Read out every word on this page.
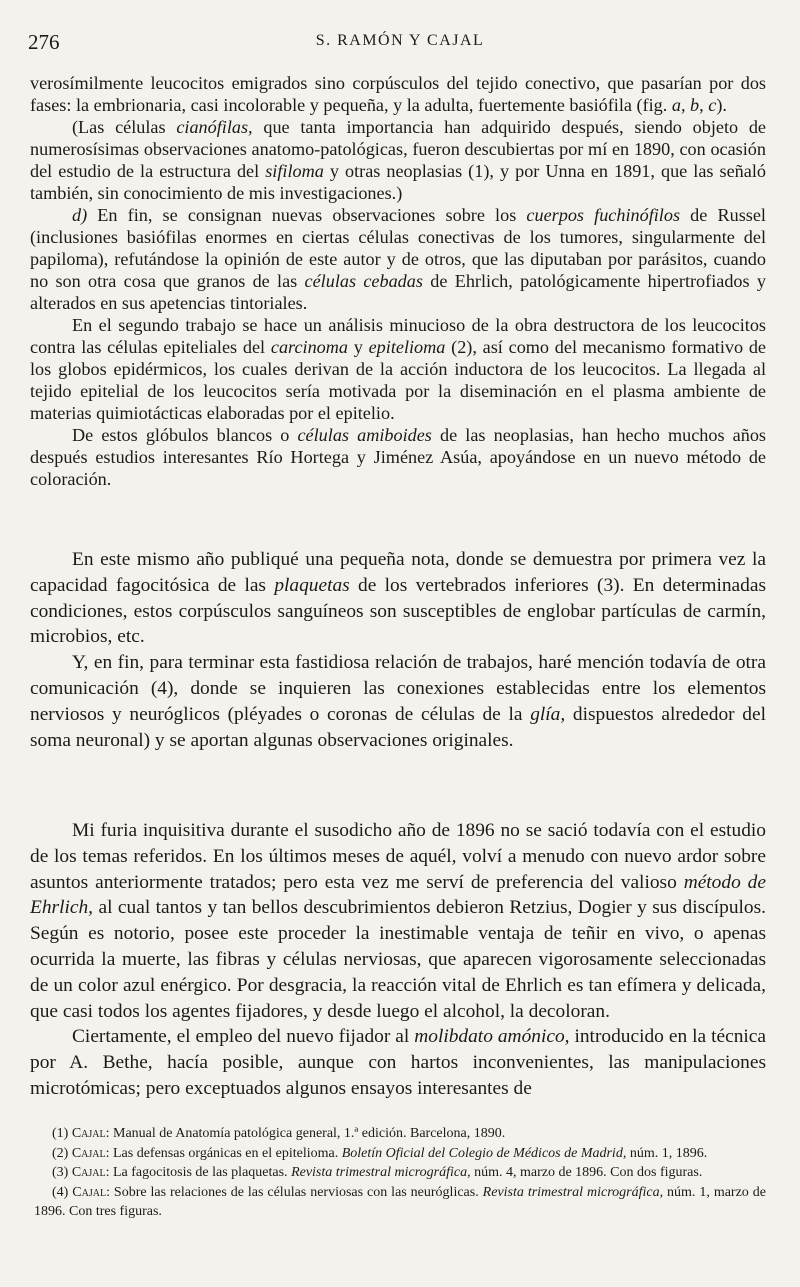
276	S. RAMÓN Y CAJAL

verosímilmente leucocitos emigrados sino corpúsculos del tejido conectivo, que pasarían por dos fases: la embrionaria, casi incolorable y pequeña, y la adulta, fuertemente basiófila (fig. a, b, c).

(Las células cianófilas, que tanta importancia han adquirido después, siendo objeto de numerosísimas observaciones anatomo-patológicas, fueron descubiertas por mí en 1890, con ocasión del estudio de la estructura del sifiloma y otras neoplasias (1), y por Unna en 1891, que las señaló también, sin conocimiento de mis investigaciones.)

d) En fin, se consignan nuevas observaciones sobre los cuerpos fuchinófilos de Russel (inclusiones basiófilas enormes en ciertas células conectivas de los tumores, singularmente del papiloma), refutándose la opinión de este autor y de otros, que las diputaban por parásitos, cuando no son otra cosa que granos de las células cebadas de Ehrlich, patológicamente hipertrofiados y alterados en sus apetencias tintoriales.

En el segundo trabajo se hace un análisis minucioso de la obra destructora de los leucocitos contra las células epiteliales del carcinoma y epitelioma (2), así como del mecanismo formativo de los globos epidérmicos, los cuales derivan de la acción inductora de los leucocitos. La llegada al tejido epitelial de los leucocitos sería motivada por la diseminación en el plasma ambiente de materias quimiotácticas elaboradas por el epitelio.

De estos glóbulos blancos o células amiboides de las neoplasias, han hecho muchos años después estudios interesantes Río Hortega y Jiménez Asúa, apoyándose en un nuevo método de coloración.

En este mismo año publiqué una pequeña nota, donde se demuestra por primera vez la capacidad fagocitósica de las plaquetas de los vertebrados inferiores (3). En determinadas condiciones, estos corpúsculos sanguíneos son susceptibles de englobar partículas de carmín, microbios, etc.

Y, en fin, para terminar esta fastidiosa relación de trabajos, haré mención todavía de otra comunicación (4), donde se inquieren las conexiones establecidas entre los elementos nerviosos y neuróglicos (pléyades o coronas de células de la glía, dispuestos alrededor del soma neuronal) y se aportan algunas observaciones originales.

Mi furia inquisitiva durante el susodicho año de 1896 no se sació todavía con el estudio de los temas referidos. En los últimos meses de aquél, volví a menudo con nuevo ardor sobre asuntos anteriormente tratados; pero esta vez me serví de preferencia del valioso método de Ehrlich, al cual tantos y tan bellos descubrimientos debieron Retzius, Dogier y sus discípulos. Según es notorio, posee este proceder la inestimable ventaja de teñir en vivo, o apenas ocurrida la muerte, las fibras y células nerviosas, que aparecen vigorosamente seleccionadas de un color azul enérgico. Por desgracia, la reacción vital de Ehrlich es tan efímera y delicada, que casi todos los agentes fijadores, y desde luego el alcohol, la decoloran.

Ciertamente, el empleo del nuevo fijador al molibdato amónico, introducido en la técnica por A. Bethe, hacía posible, aunque con hartos inconvenientes, las manipulaciones microtómicas; pero exceptuados algunos ensayos interesantes de

(1) Cajal: Manual de Anatomía patológica general, 1.ª edición. Barcelona, 1890.

(2) Cajal: Las defensas orgánicas en el epitelioma. Boletín Oficial del Colegio de Médicos de Madrid, núm. 1, 1896.

(3) Cajal: La fagocitosis de las plaquetas. Revista trimestral micrográfica, núm. 4, marzo de 1896. Con dos figuras.

(4) Cajal: Sobre las relaciones de las células nerviosas con las neuróglicas. Revista trimestral micrográfica, núm. 1, marzo de 1896. Con tres figuras.
